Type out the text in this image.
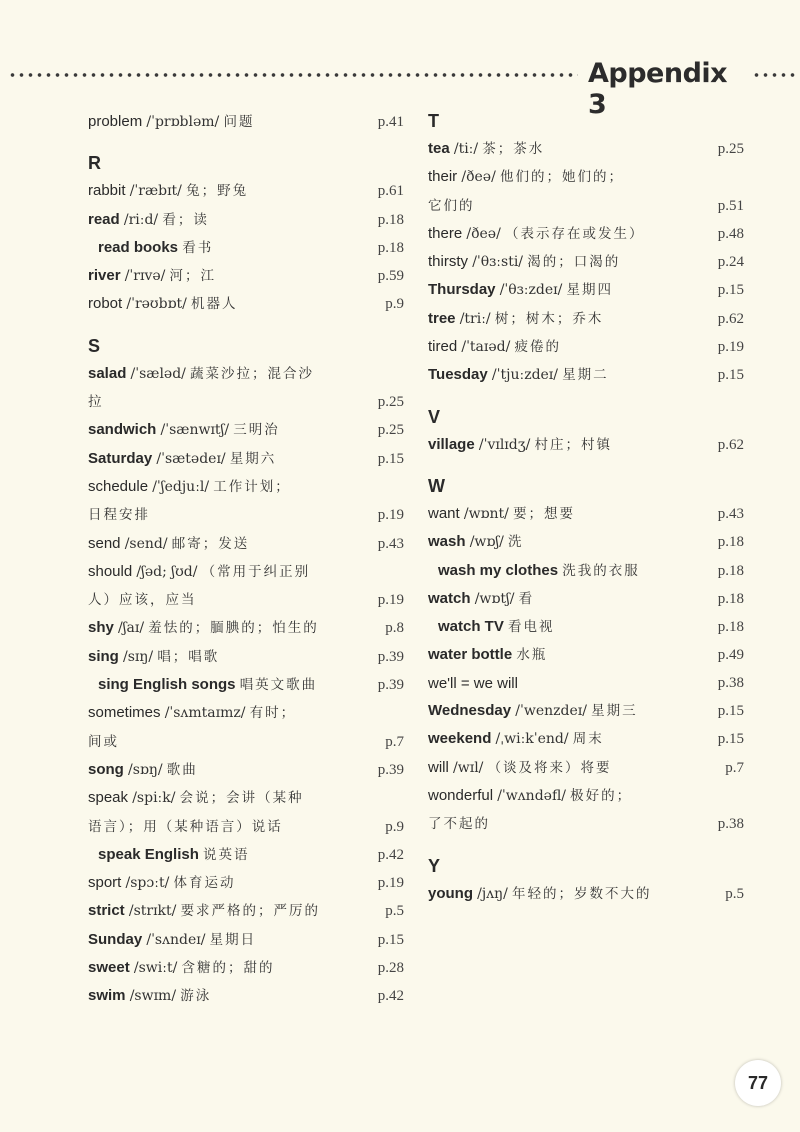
Appendix 3
problem /ˈprɒbləm/ 问题	p.41
R
rabbit /ˈræbɪt/ 兔；野兔	p.61
read /riːd/ 看；读	p.18
read books 看书	p.18
river /ˈrɪvə/ 河；江	p.59
robot /ˈrəʊbɒt/ 机器人	p.9
S
salad /ˈsæləd/ 蔬菜沙拉；混合沙
拉	p.25
sandwich /ˈsænwɪtʃ/ 三明治	p.25
Saturday /ˈsætədeɪ/ 星期六	p.15
schedule /ˈʃedjuːl/ 工作计划；
日程安排	p.19
send /send/ 邮寄；发送	p.43
should /ʃəd; ʃʊd/ （常用于纠正别
人）应该，应当	p.19
shy /ʃaɪ/ 羞怯的；腼腆的；怕生的	p.8
sing /sɪŋ/ 唱；唱歌	p.39
sing English songs 唱英文歌曲	p.39
sometimes /ˈsʌmtaɪmz/ 有时；
间或	p.7
song /sɒŋ/ 歌曲	p.39
speak /spiːk/ 会说；会讲（某种
语言）；用（某种语言）说话	p.9
speak English 说英语	p.42
sport /spɔːt/ 体育运动	p.19
strict /strɪkt/ 要求严格的；严厉的	p.5
Sunday /ˈsʌndeɪ/ 星期日	p.15
sweet /swiːt/ 含糖的；甜的	p.28
swim /swɪm/ 游泳	p.42
T
tea /tiː/ 茶；茶水	p.25
their /ðeə/ 他们的；她们的；
它们的	p.51
there /ðeə/ （表示存在或发生）	p.48
thirsty /ˈθɜːsti/ 渴的；口渴的	p.24
Thursday /ˈθɜːzdeɪ/ 星期四	p.15
tree /triː/ 树；树木；乔木	p.62
tired /ˈtaɪəd/ 疲倦的	p.19
Tuesday /ˈtjuːzdeɪ/ 星期二	p.15
V
village /ˈvɪlɪdʒ/ 村庄；村镇	p.62
W
want /wɒnt/ 要；想要	p.43
wash /wɒʃ/ 洗	p.18
wash my clothes 洗我的衣服	p.18
watch /wɒtʃ/ 看	p.18
watch TV 看电视	p.18
water bottle 水瓶	p.49
we'll = we will	p.38
Wednesday /ˈwenzdeɪ/ 星期三	p.15
weekend /ˌwiːkˈend/ 周末	p.15
will /wɪl/ （谈及将来）将要	p.7
wonderful /ˈwʌndəfl/ 极好的；
了不起的	p.38
Y
young /jʌŋ/ 年轻的；岁数不大的	p.5
77
